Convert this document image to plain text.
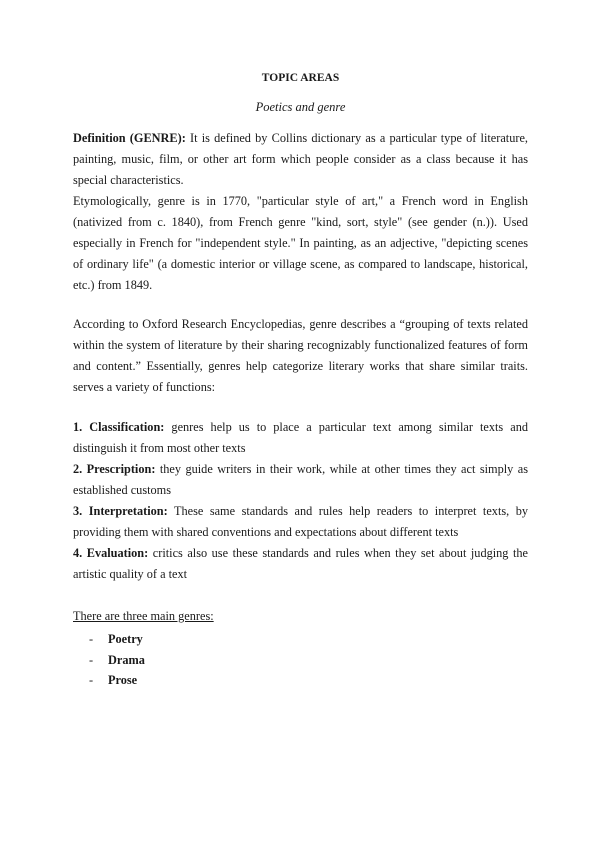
TOPIC AREAS
Poetics and genre

Definition (GENRE): It is defined by Collins dictionary as a particular type of literature, painting, music, film, or other art form which people consider as a class because it has special characteristics.

Etymologically, genre is in 1770, "particular style of art," a French word in English (nativized from c. 1840), from French genre "kind, sort, style" (see gender (n.)). Used especially in French for "independent style." In painting, as an adjective, "depicting scenes of ordinary life" (a domestic interior or village scene, as compared to landscape, historical, etc.) from 1849.

According to Oxford Research Encyclopedias, genre describes a “grouping of texts related within the system of literature by their sharing recognizably functionalized features of form and content.” Essentially, genres help categorize literary works that share similar traits. serves a variety of functions:

1. Classification: genres help us to place a particular text among similar texts and distinguish it from most other texts

2. Prescription: they guide writers in their work, while at other times they act simply as established customs

3. Interpretation: These same standards and rules help readers to interpret texts, by providing them with shared conventions and expectations about different texts

4. Evaluation: critics also use these standards and rules when they set about judging the artistic quality of a text

There are three main genres:

-	Poetry
-	Drama
-	Prose
